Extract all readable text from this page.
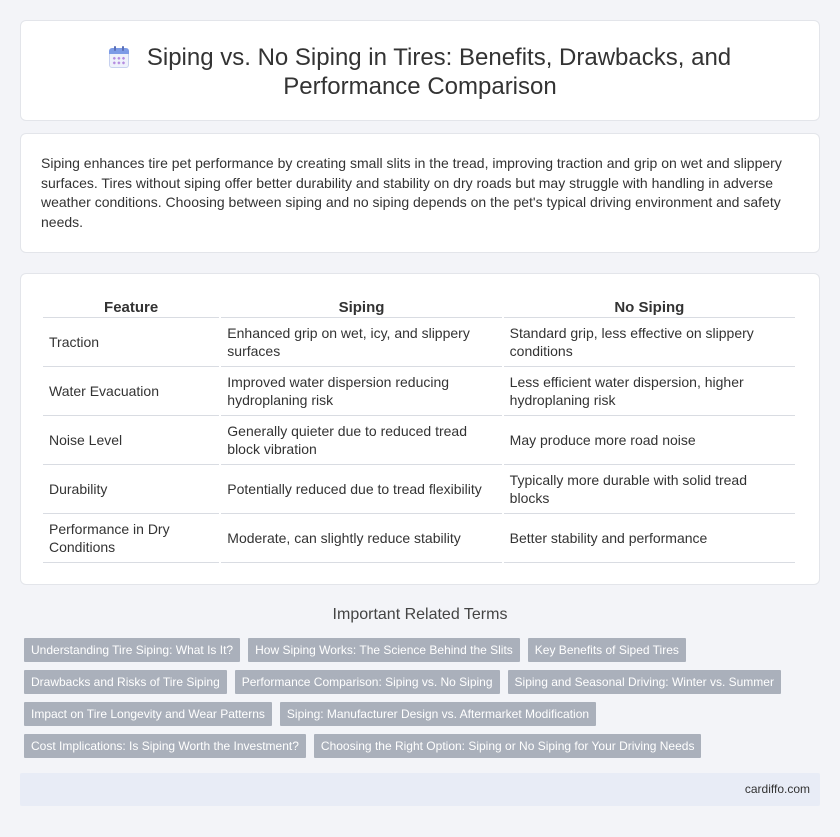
Siping vs. No Siping in Tires: Benefits, Drawbacks, and
Performance Comparison

Siping enhances tire pet performance by creating small slits in the tread, improving traction and grip on wet and slippery surfaces. Tires without siping offer better durability and stability on dry roads but may struggle with handling in adverse weather conditions. Choosing between siping and no siping depends on the pet's typical driving environment and safety needs.

Feature	Siping	No Siping
Traction	Enhanced grip on wet, icy, and slippery surfaces	Standard grip, less effective on slippery conditions
Water Evacuation	Improved water dispersion reducing hydroplaning risk	Less efficient water dispersion, higher hydroplaning risk
Noise Level	Generally quieter due to reduced tread block vibration	May produce more road noise
Durability	Potentially reduced due to tread flexibility	Typically more durable with solid tread blocks
Performance in Dry Conditions	Moderate, can slightly reduce stability	Better stability and performance
Important Related Terms
Understanding Tire Siping: What Is It?	How Siping Works: The Science Behind the Slits	Key Benefits of Siped Tires
Drawbacks and Risks of Tire Siping	Performance Comparison: Siping vs. No Siping	Siping and Seasonal Driving: Winter vs. Summer
Impact on Tire Longevity and Wear Patterns	Siping: Manufacturer Design vs. Aftermarket Modification
Cost Implications: Is Siping Worth the Investment?	Choosing the Right Option: Siping or No Siping for Your Driving Needs
cardiffo.com
